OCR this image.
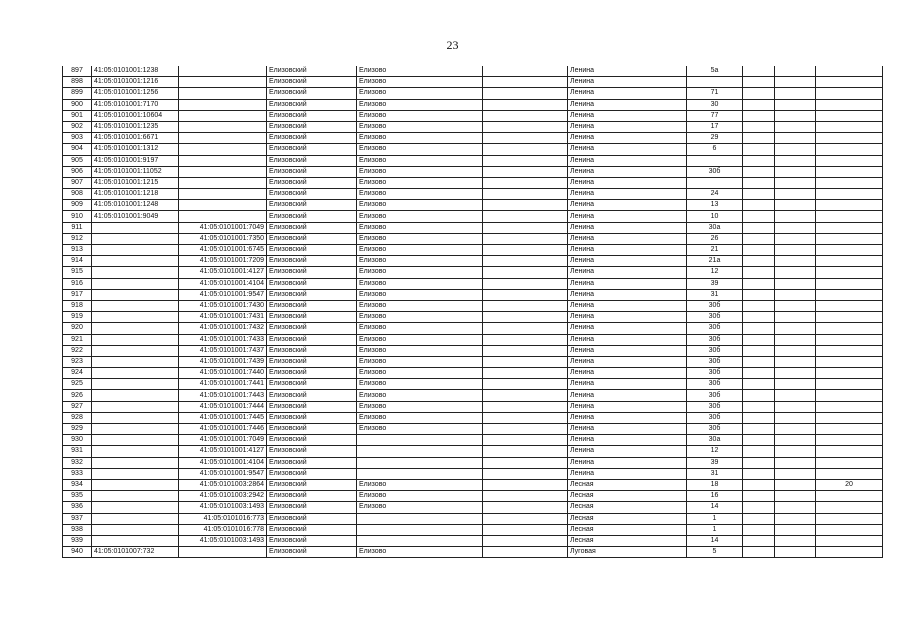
23
897	41:05:0101001:1238		Елизовский	Елизово		Ленина	5а			
898	41:05:0101001:1216		Елизовский	Елизово		Ленина				
899	41:05:0101001:1256		Елизовский	Елизово		Ленина	71			
900	41:05:0101001:7170		Елизовский	Елизово		Ленина	30			
901	41:05:0101001:10604		Елизовский	Елизово		Ленина	77			
902	41:05:0101001:1235		Елизовский	Елизово		Ленина	17			
903	41:05:0101001:6671		Елизовский	Елизово		Ленина	29			
904	41:05:0101001:1312		Елизовский	Елизово		Ленина	6			
905	41:05:0101001:9197		Елизовский	Елизово		Ленина				
906	41:05:0101001:11052		Елизовский	Елизово		Ленина	30б			
907	41:05:0101001:1215		Елизовский	Елизово		Ленина				
908	41:05:0101001:1218		Елизовский	Елизово		Ленина	24			
909	41:05:0101001:1248		Елизовский	Елизово		Ленина	13			
910	41:05:0101001:9049		Елизовский	Елизово		Ленина	10			
911		41:05:0101001:7049	Елизовский	Елизово		Ленина	30а			
912		41:05:0101001:7350	Елизовский	Елизово		Ленина	26			
913		41:05:0101001:6745	Елизовский	Елизово		Ленина	21			
914		41:05:0101001:7209	Елизовский	Елизово		Ленина	21а			
915		41:05:0101001:4127	Елизовский	Елизово		Ленина	12			
916		41:05:0101001:4104	Елизовский	Елизово		Ленина	39			
917		41:05:0101001:9547	Елизовский	Елизово		Ленина	31			
918		41:05:0101001:7430	Елизовский	Елизово		Ленина	30б			
919		41:05:0101001:7431	Елизовский	Елизово		Ленина	30б			
920		41:05:0101001:7432	Елизовский	Елизово		Ленина	30б			
921		41:05:0101001:7433	Елизовский	Елизово		Ленина	30б			
922		41:05:0101001:7437	Елизовский	Елизово		Ленина	30б			
923		41:05:0101001:7439	Елизовский	Елизово		Ленина	30б			
924		41:05:0101001:7440	Елизовский	Елизово		Ленина	30б			
925		41:05:0101001:7441	Елизовский	Елизово		Ленина	30б			
926		41:05:0101001:7443	Елизовский	Елизово		Ленина	30б			
927		41:05:0101001:7444	Елизовский	Елизово		Ленина	30б			
928		41:05:0101001:7445	Елизовский	Елизово		Ленина	30б			
929		41:05:0101001:7446	Елизовский	Елизово		Ленина	30б			
930		41:05:0101001:7049	Елизовский			Ленина	30а			
931		41:05:0101001:4127	Елизовский			Ленина	12			
932		41:05:0101001:4104	Елизовский			Ленина	39			
933		41:05:0101001:9547	Елизовский			Ленина	31			
934		41:05:0101003:2864	Елизовский	Елизово		Лесная	18			20
935		41:05:0101003:2942	Елизовский	Елизово		Лесная	16			
936		41:05:0101003:1493	Елизовский	Елизово		Лесная	14			
937		41:05:0101016:773	Елизовский			Лесная	1			
938		41:05:0101016:778	Елизовский			Лесная	1			
939		41:05:0101003:1493	Елизовский			Лесная	14			
940	41:05:0101007:732		Елизовский	Елизово		Луговая	5			
